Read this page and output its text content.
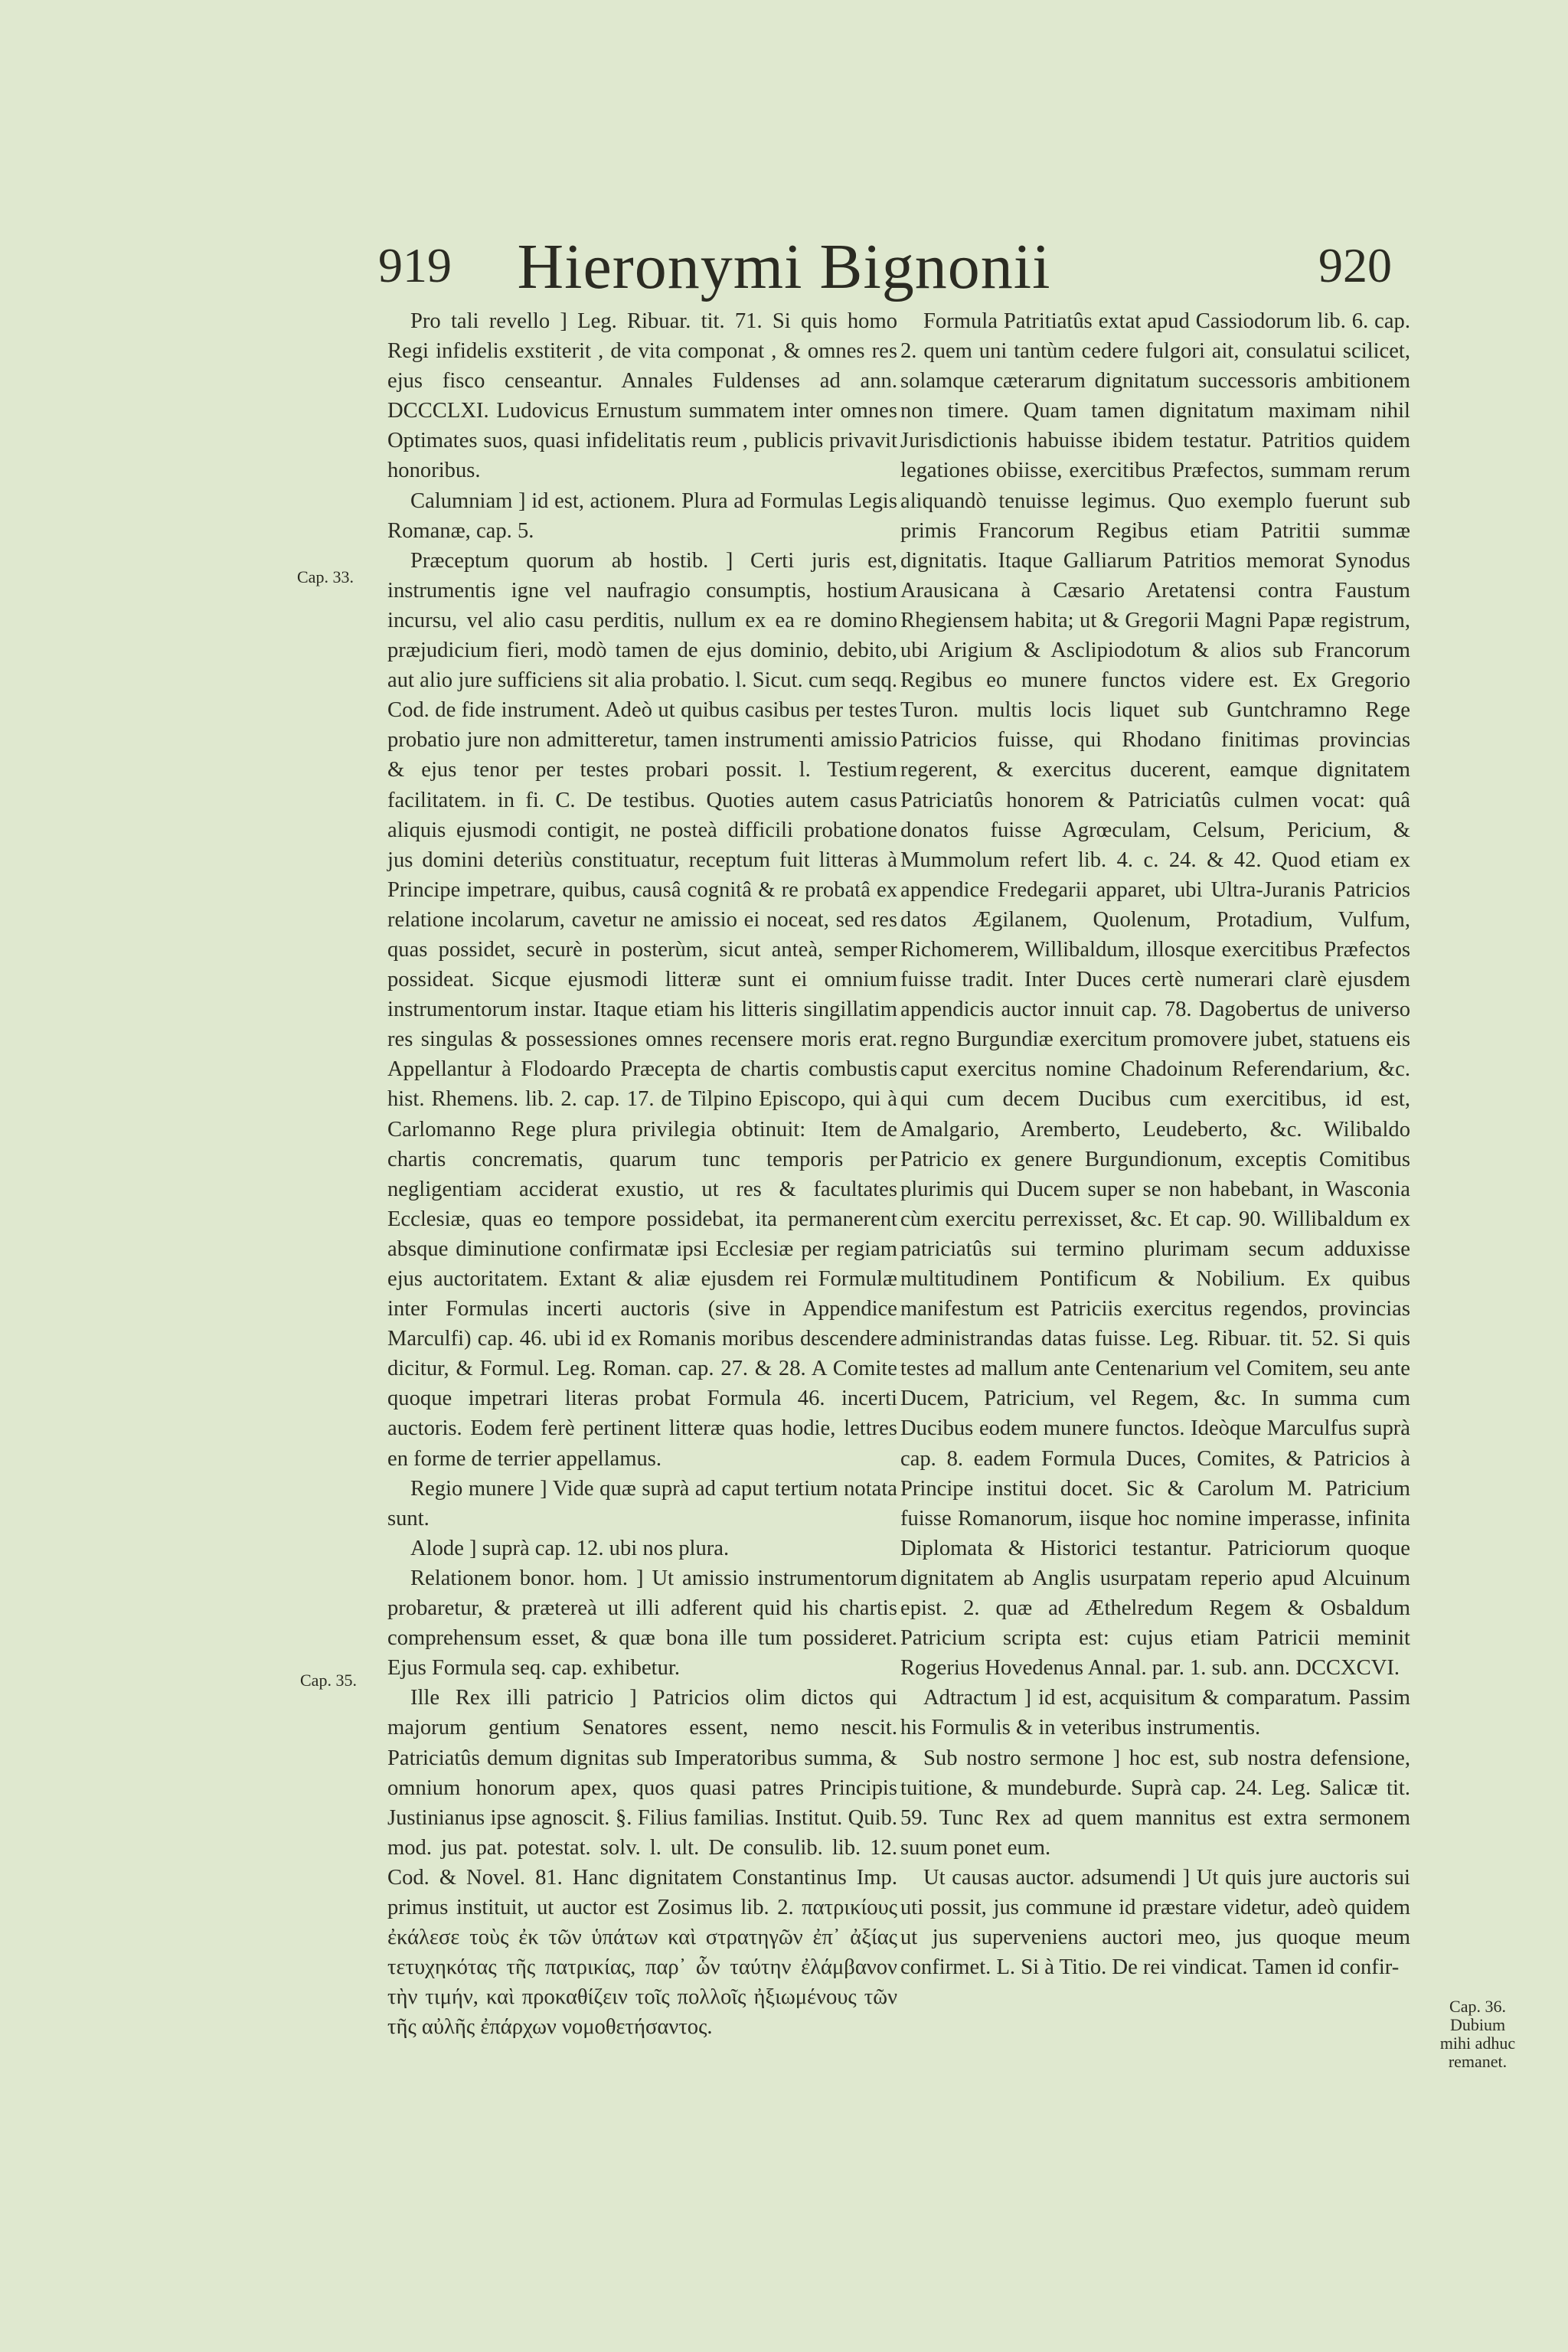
919	Hieronymi Bignonii	920
Cap. 33.
Cap. 35.
Cap. 36. Dubium mihi adhuc remanet.

Pro tali revello ] Leg. Ribuar. tit. 71. Si quis homo Regi infidelis exstiterit , de vita componat , & omnes res ejus fisco censeantur. Annales Fuldenses ad ann. DCCCLXI. Ludovicus Ernustum summatem inter omnes Optimates suos, quasi infidelitatis reum , publicis privavit honoribus.

Calumniam ] id est, actionem. Plura ad Formulas Legis Romanæ, cap. 5.

Præceptum quorum ab hostib. ] Certi juris est, instrumentis igne vel naufragio consumptis, hostium incursu, vel alio casu perditis, nullum ex ea re domino præjudicium fieri, modò tamen de ejus dominio, debito, aut alio jure sufficiens sit alia probatio. l. Sicut. cum seqq. Cod. de fide instrument. Adeò ut quibus casibus per testes probatio jure non admitteretur, tamen instrumenti amissio & ejus tenor per testes probari possit. l. Testium facilitatem. in fi. C. De testibus. Quoties autem casus aliquis ejusmodi contigit, ne posteà difficili probatione jus domini deteriùs constituatur, receptum fuit litteras à Principe impetrare, quibus, causâ cognitâ & re probatâ ex relatione incolarum, cavetur ne amissio ei noceat, sed res quas possidet, securè in posterùm, sicut anteà, semper possideat. Sicque ejusmodi litteræ sunt ei omnium instrumentorum instar. Itaque etiam his litteris singillatim res singulas & possessiones omnes recensere moris erat. Appellantur à Flodoardo Præcepta de chartis combustis hist. Rhemens. lib. 2. cap. 17. de Tilpino Episcopo, qui à Carlomanno Rege plura privilegia obtinuit: Item de chartis concrematis, quarum tunc temporis per negligentiam acciderat exustio, ut res & facultates Ecclesiæ, quas eo tempore possidebat, ita permanerent absque diminutione confirmatæ ipsi Ecclesiæ per regiam ejus auctoritatem. Extant & aliæ ejusdem rei Formulæ inter Formulas incerti auctoris (sive in Appendice Marculfi) cap. 46. ubi id ex Romanis moribus descendere dicitur, & Formul. Leg. Roman. cap. 27. & 28. A Comite quoque impetrari literas probat Formula 46. incerti auctoris. Eodem ferè pertinent litteræ quas hodie, lettres en forme de terrier appellamus.

Regio munere ] Vide quæ suprà ad caput tertium notata sunt.

Alode ] suprà cap. 12. ubi nos plura.

Relationem bonor. hom. ] Ut amissio instrumentorum probaretur, & prætereà ut illi adferent quid his chartis comprehensum esset, & quæ bona ille tum possideret. Ejus Formula seq. cap. exhibetur.

Ille Rex illi patricio ] Patricios olim dictos qui majorum gentium Senatores essent, nemo nescit. Patriciatûs demum dignitas sub Imperatoribus summa, & omnium honorum apex, quos quasi patres Principis Justinianus ipse agnoscit. §. Filius familias. Institut. Quib. mod. jus pat. potestat. solv. l. ult. De consulib. lib. 12. Cod. & Novel. 81. Hanc dignitatem Constantinus Imp. primus instituit, ut auctor est Zosimus lib. 2. πατρικίους ἐκάλεσε τοὺς ἐκ τῶν ὑπάτων καὶ στρατηγῶν ἐπ᾽ ἀξίας τετυχηκότας τῆς πατρικίας, παρ᾽ ὧν ταύτην ἐλάμβανον τὴν τιμήν, καὶ προκαθίζειν τοῖς πολλοῖς ἠξιωμένους τῶν τῆς αὐλῆς ἐπάρχων νομοθετήσαντος.

Formula Patritiatûs extat apud Cassiodorum lib. 6. cap. 2. quem uni tantùm cedere fulgori ait, consulatui scilicet, solamque cæterarum dignitatum successoris ambitionem non timere. Quam tamen dignitatum maximam nihil Jurisdictionis habuisse ibidem testatur. Patritios quidem legationes obiisse, exercitibus Præfectos, summam rerum aliquandò tenuisse legimus. Quo exemplo fuerunt sub primis Francorum Regibus etiam Patritii summæ dignitatis. Itaque Galliarum Patritios memorat Synodus Arausicana à Cæsario Aretatensi contra Faustum Rhegiensem habita; ut & Gregorii Magni Papæ registrum, ubi Arigium & Asclipiodotum & alios sub Francorum Regibus eo munere functos videre est. Ex Gregorio Turon. multis locis liquet sub Guntchramno Rege Patricios fuisse, qui Rhodano finitimas provincias regerent, & exercitus ducerent, eamque dignitatem Patriciatûs honorem & Patriciatûs culmen vocat: quâ donatos fuisse Agrœculam, Celsum, Pericium, & Mummolum refert lib. 4. c. 24. & 42. Quod etiam ex appendice Fredegarii apparet, ubi Ultra-Juranis Patricios datos Ægilanem, Quolenum, Protadium, Vulfum, Richomerem, Willibaldum, illosque exercitibus Præfectos fuisse tradit. Inter Duces certè numerari clarè ejusdem appendicis auctor innuit cap. 78. Dagobertus de universo regno Burgundiæ exercitum promovere jubet, statuens eis caput exercitus nomine Chadoinum Referendarium, &c. qui cum decem Ducibus cum exercitibus, id est, Amalgario, Aremberto, Leudeberto, &c. Wilibaldo Patricio ex genere Burgundionum, exceptis Comitibus plurimis qui Ducem super se non habebant, in Wasconia cùm exercitu perrexisset, &c. Et cap. 90. Willibaldum ex patriciatûs sui termino plurimam secum adduxisse multitudinem Pontificum & Nobilium. Ex quibus manifestum est Patriciis exercitus regendos, provincias administrandas datas fuisse. Leg. Ribuar. tit. 52. Si quis testes ad mallum ante Centenarium vel Comitem, seu ante Ducem, Patricium, vel Regem, &c. In summa cum Ducibus eodem munere functos. Ideòque Marculfus suprà cap. 8. eadem Formula Duces, Comites, & Patricios à Principe institui docet. Sic & Carolum M. Patricium fuisse Romanorum, iisque hoc nomine imperasse, infinita Diplomata & Historici testantur. Patriciorum quoque dignitatem ab Anglis usurpatam reperio apud Alcuinum epist. 2. quæ ad Æthelredum Regem & Osbaldum Patricium scripta est: cujus etiam Patricii meminit Rogerius Hovedenus Annal. par. 1. sub. ann. DCCXCVI.

Adtractum ] id est, acquisitum & comparatum. Passim his Formulis & in veteribus instrumentis.

Sub nostro sermone ] hoc est, sub nostra defensione, tuitione, & mundeburde. Suprà cap. 24. Leg. Salicæ tit. 59. Tunc Rex ad quem mannitus est extra sermonem suum ponet eum.

Ut causas auctor. adsumendi ] Ut quis jure auctoris sui uti possit, jus commune id præstare videtur, adeò quidem ut jus superveniens auctori meo, jus quoque meum confirmet. L. Si à Titio. De rei vindicat. Tamen id confir-
